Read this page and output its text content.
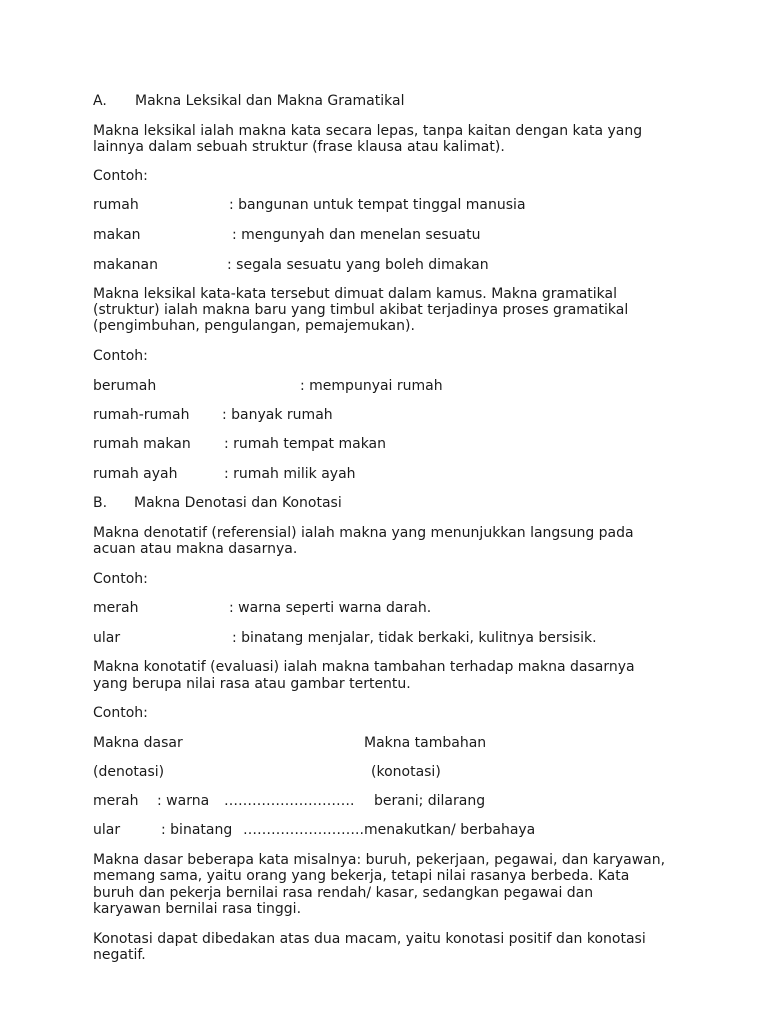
A. Makna Leksikal dan Makna Gramatikal
Makna leksikal ialah makna kata secara lepas, tanpa kaitan dengan kata yang
lainnya dalam sebuah struktur (frase klausa atau kalimat).
Contoh:
rumah	: bangunan untuk tempat tinggal manusia
makan	: mengunyah dan menelan sesuatu
makanan	: segala sesuatu yang boleh dimakan
Makna leksikal kata-kata tersebut dimuat dalam kamus. Makna gramatikal
(struktur) ialah makna baru yang timbul akibat terjadinya proses gramatikal
(pengimbuhan, pengulangan, pemajemukan).
Contoh:
berumah	: mempunyai rumah
rumah-rumah : banyak rumah
rumah makan : rumah tempat makan
rumah ayah	: rumah milik ayah
B. Makna Denotasi dan Konotasi
Makna denotatif (referensial) ialah makna yang menunjukkan langsung pada
acuan atau makna dasarnya.
Contoh:
merah	: warna seperti warna darah.
ular	: binatang menjalar, tidak berkaki, kulitnya bersisik.
Makna konotatif (evaluasi) ialah makna tambahan terhadap makna dasarnya
yang berupa nilai rasa atau gambar tertentu.
Contoh:
Makna dasar	Makna tambahan
(denotasi)	(konotasi)
merah : warna ………………………. berani; dilarang
ular	: binatang …………………….. menakutkan/ berbahaya
Makna dasar beberapa kata misalnya: buruh, pekerjaan, pegawai, dan karyawan,
memang sama, yaitu orang yang bekerja, tetapi nilai rasanya berbeda. Kata
buruh dan pekerja bernilai rasa rendah/ kasar, sedangkan pegawai dan
karyawan bernilai rasa tinggi.
Konotasi dapat dibedakan atas dua macam, yaitu konotasi positif dan konotasi
negatif.
